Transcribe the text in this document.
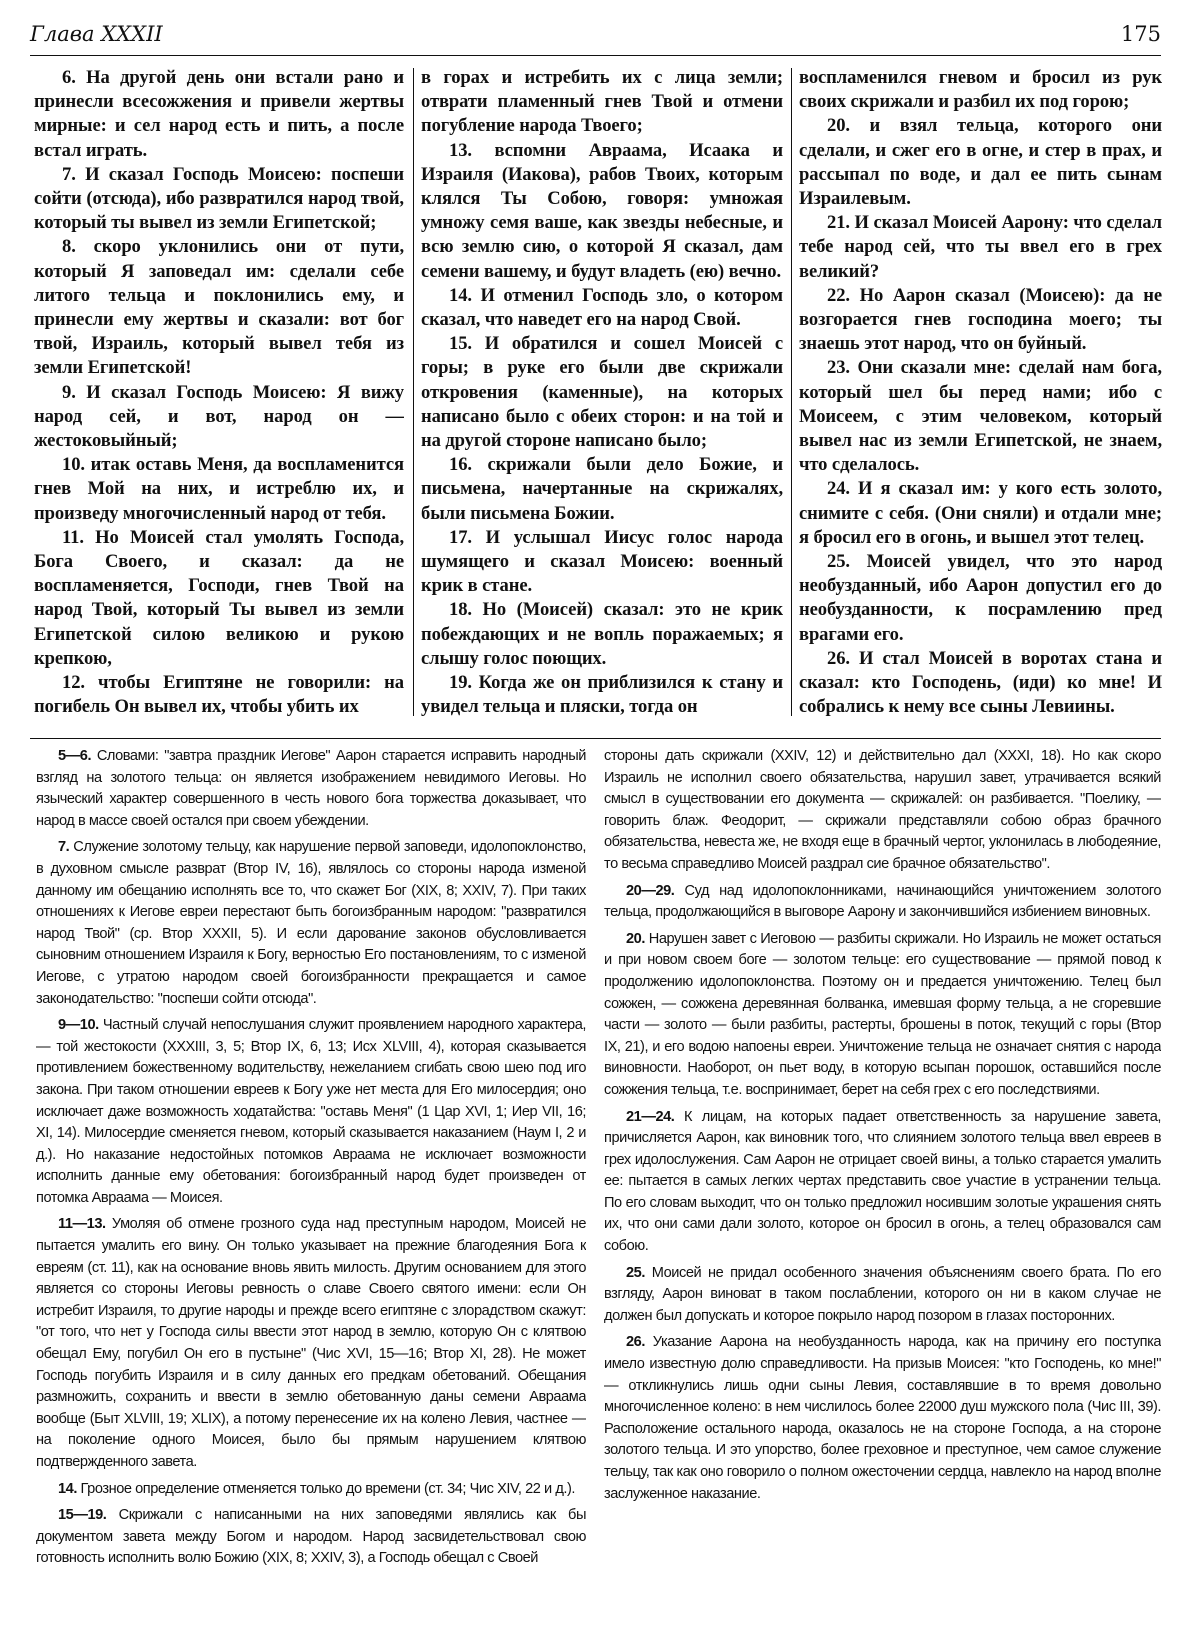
Глава XXXII	175

6. На другой день они встали рано и принесли всесожжения и привели жертвы мирные: и сел народ есть и пить, а после встал играть.

7. И сказал Господь Моисею: поспеши сойти (отсюда), ибо развратился народ твой, который ты вывел из земли Египетской;

8. скоро уклонились они от пути, который Я заповедал им: сделали себе литого тельца и поклонились ему, и принесли ему жертвы и сказали: вот бог твой, Израиль, который вывел тебя из земли Египетской!

9. И сказал Господь Моисею: Я вижу народ сей, и вот, народ он — жестоковыйный;

10. итак оставь Меня, да воспламенится гнев Мой на них, и истреблю их, и произведу многочисленный народ от тебя.

11. Но Моисей стал умолять Господа, Бога Своего, и сказал: да не воспламеняется, Господи, гнев Твой на народ Твой, который Ты вывел из земли Египетской силою великою и рукою крепкою,

12. чтобы Египтяне не говорили: на погибель Он вывел их, чтобы убить их

в горах и истребить их с лица земли; отврати пламенный гнев Твой и отмени погубление народа Твоего;

13. вспомни Авраама, Исаака и Израиля (Иакова), рабов Твоих, которым клялся Ты Собою, говоря: умножая умножу семя ваше, как звезды небесные, и всю землю сию, о которой Я сказал, дам семени вашему, и будут владеть (ею) вечно.

14. И отменил Господь зло, о котором сказал, что наведет его на народ Свой.

15. И обратился и сошел Моисей с горы; в руке его были две скрижали откровения (каменные), на которых написано было с обеих сторон: и на той и на другой стороне написано было;

16. скрижали были дело Божие, и письмена, начертанные на скрижалях, были письмена Божии.

17. И услышал Иисус голос народа шумящего и сказал Моисею: военный крик в стане.

18. Но (Моисей) сказал: это не крик побеждающих и не вопль поражаемых; я слышу голос поющих.

19. Когда же он приблизился к стану и увидел тельца и пляски, тогда он

воспламенился гневом и бросил из рук своих скрижали и разбил их под горою;

20. и взял тельца, которого они сделали, и сжег его в огне, и стер в прах, и рассыпал по воде, и дал ее пить сынам Израилевым.

21. И сказал Моисей Аарону: что сделал тебе народ сей, что ты ввел его в грех великий?

22. Но Аарон сказал (Моисею): да не возгорается гнев господина моего; ты знаешь этот народ, что он буйный.

23. Они сказали мне: сделай нам бога, который шел бы перед нами; ибо с Моисеем, с этим человеком, который вывел нас из земли Египетской, не знаем, что сделалось.

24. И я сказал им: у кого есть золото, снимите с себя. (Они сняли) и отдали мне; я бросил его в огонь, и вышел этот телец.

25. Моисей увидел, что это народ необузданный, ибо Аарон допустил его до необузданности, к посрамлению пред врагами его.

26. И стал Моисей в воротах стана и сказал: кто Господень, (иди) ко мне! И собрались к нему все сыны Левиины.

5—6. Словами: "завтра праздник Иегове" Аарон старается исправить народный взгляд на золотого тельца: он является изображением невидимого Иеговы. Но языческий характер совершенного в честь нового бога торжества доказывает, что народ в массе своей остался при своем убеждении.

7. Служение золотому тельцу, как нарушение первой заповеди, идолопоклонство, в духовном смысле разврат (Втор IV, 16), являлось со стороны народа изменой данному им обещанию исполнять все то, что скажет Бог (XIX, 8; XXIV, 7). При таких отношениях к Иегове евреи перестают быть богоизбранным народом: "развратился народ Твой" (ср. Втор XXXII, 5). И если дарование законов обусловливается сыновним отношением Израиля к Богу, верностью Его постановлениям, то с изменой Иегове, с утратою народом своей богоизбранности прекращается и самое законодательство: "поспеши сойти отсюда".

9—10. Частный случай непослушания служит проявлением народного характера, — той жестокости (XXXIII, 3, 5; Втор IX, 6, 13; Исх XLVIII, 4), которая сказывается противлением божественному водительству, нежеланием сгибать свою шею под иго закона. При таком отношении евреев к Богу уже нет места для Его милосердия; оно исключает даже возможность ходатайства: "оставь Меня" (1 Цар XVI, 1; Иер VII, 16; XI, 14). Милосердие сменяется гневом, который сказывается наказанием (Наум I, 2 и д.). Но наказание недостойных потомков Авраама не исключает возможности исполнить данные ему обетования: богоизбранный народ будет произведен от потомка Авраама — Моисея.

11—13. Умоляя об отмене грозного суда над преступным народом, Моисей не пытается умалить его вину. Он только указывает на прежние благодеяния Бога к евреям (ст. 11), как на основание вновь явить милость. Другим основанием для этого является со стороны Иеговы ревность о славе Своего святого имени: если Он истребит Израиля, то другие народы и прежде всего египтяне с злорадством скажут: "от того, что нет у Господа силы ввести этот народ в землю, которую Он с клятвою обещал Ему, погубил Он его в пустыне" (Чис XVI, 15—16; Втор XI, 28). Не может Господь погубить Израиля и в силу данных его предкам обетований. Обещания размножить, сохранить и ввести в землю обетованную даны семени Авраама вообще (Быт XLVIII, 19; XLIX), а потому перенесение их на колено Левия, частнее — на поколение одного Моисея, было бы прямым нарушением клятвою подтвержденного завета.

14. Грозное определение отменяется только до времени (ст. 34; Чис XIV, 22 и д.).

15—19. Скрижали с написанными на них заповедями являлись как бы документом завета между Богом и народом. Народ засвидетельствовал свою готовность исполнить волю Божию (XIX, 8; XXIV, 3), а Господь обещал с Своей

стороны дать скрижали (XXIV, 12) и действительно дал (XXXI, 18). Но как скоро Израиль не исполнил своего обязательства, нарушил завет, утрачивается всякий смысл в существовании его документа — скрижалей: он разбивается. "Поелику, — говорить блаж. Феодорит, — скрижали представляли собою образ брачного обязательства, невеста же, не входя еще в брачный чертог, уклонилась в любодеяние, то весьма справедливо Моисей раздрал сие брачное обязательство".

20—29. Суд над идолопоклонниками, начинающийся уничтожением золотого тельца, продолжающийся в выговоре Аарону и закончившийся избиением виновных.

20. Нарушен завет с Иеговою — разбиты скрижали. Но Израиль не может остаться и при новом своем боге — золотом тельце: его существование — прямой повод к продолжению идолопоклонства. Поэтому он и предается уничтожению. Телец был сожжен, — сожжена деревянная болванка, имевшая форму тельца, а не сгоревшие части — золото — были разбиты, растерты, брошены в поток, текущий с горы (Втор IX, 21), и его водою напоены евреи. Уничтожение тельца не означает снятия с народа виновности. Наоборот, он пьет воду, в которую всыпан порошок, оставшийся после сожжения тельца, т.е. воспринимает, берет на себя грех с его последствиями.

21—24. К лицам, на которых падает ответственность за нарушение завета, причисляется Аарон, как виновник того, что слиянием золотого тельца ввел евреев в грех идолослужения. Сам Аарон не отрицает своей вины, а только старается умалить ее: пытается в самых легких чертах представить свое участие в устранении тельца. По его словам выходит, что он только предложил носившим золотые украшения снять их, что они сами дали золото, которое он бросил в огонь, а телец образовался сам собою.

25. Моисей не придал особенного значения объяснениям своего брата. По его взгляду, Аарон виноват в таком послаблении, которого он ни в каком случае не должен был допускать и которое покрыло народ позором в глазах посторонних.

26. Указание Аарона на необузданность народа, как на причину его поступка имело известную долю справедливости. На призыв Моисея: "кто Господень, ко мне!" — откликнулись лишь одни сыны Левия, составлявшие в то время довольно многочисленное колено: в нем числилось более 22000 душ мужского пола (Чис III, 39). Расположение остального народа, оказалось не на стороне Господа, а на стороне золотого тельца. И это упорство, более греховное и преступное, чем самое служение тельцу, так как оно говорило о полном ожесточении сердца, навлекло на народ вполне заслуженное наказание.
